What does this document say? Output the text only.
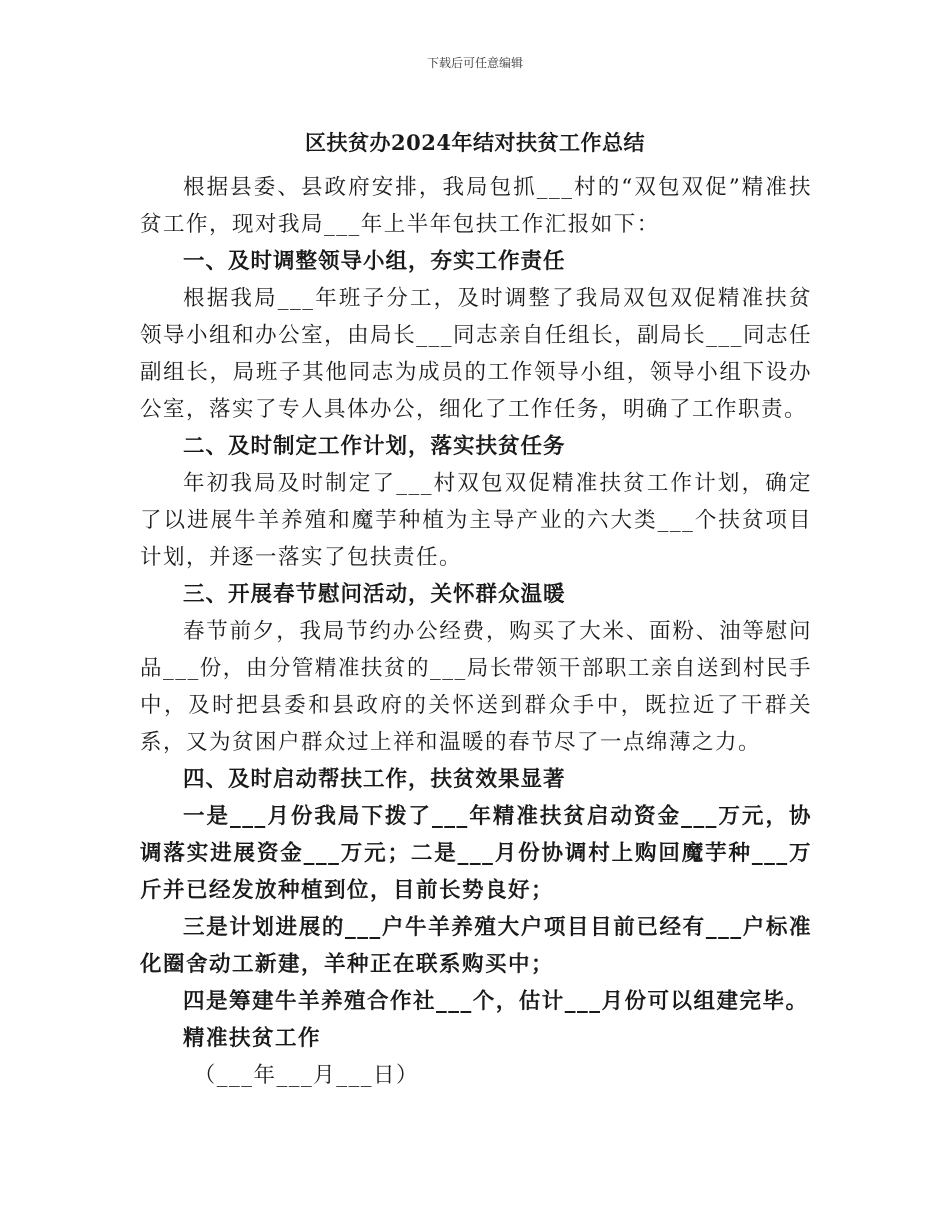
下载后可任意编辑
区扶贫办2024年结对扶贫工作总结

根据县委、县政府安排，我局包抓___村的“双包双促”精准扶贫工作，现对我局___年上半年包扶工作汇报如下：

一、及时调整领导小组，夯实工作责任

根据我局___年班子分工，及时调整了我局双包双促精准扶贫领导小组和办公室，由局长___同志亲自任组长，副局长___同志任副组长，局班子其他同志为成员的工作领导小组，领导小组下设办公室，落实了专人具体办公，细化了工作任务，明确了工作职责。

二、及时制定工作计划，落实扶贫任务

年初我局及时制定了___村双包双促精准扶贫工作计划，确定了以进展牛羊养殖和魔芋种植为主导产业的六大类___个扶贫项目计划，并逐一落实了包扶责任。

三、开展春节慰问活动，关怀群众温暖

春节前夕，我局节约办公经费，购买了大米、面粉、油等慰问品___份，由分管精准扶贫的___局长带领干部职工亲自送到村民手中，及时把县委和县政府的关怀送到群众手中，既拉近了干群关系，又为贫困户群众过上祥和温暖的春节尽了一点绵薄之力。

四、及时启动帮扶工作，扶贫效果显著

一是___月份我局下拨了___年精准扶贫启动资金___万元，协调落实进展资金___万元；二是___月份协调村上购回魔芋种___万斤并已经发放种植到位，目前长势良好；

三是计划进展的___户牛羊养殖大户项目目前已经有___户标准化圈舍动工新建，羊种正在联系购买中；

四是筹建牛羊养殖合作社___个，估计___月份可以组建完毕。

精准扶贫工作

（___年___月___日）
